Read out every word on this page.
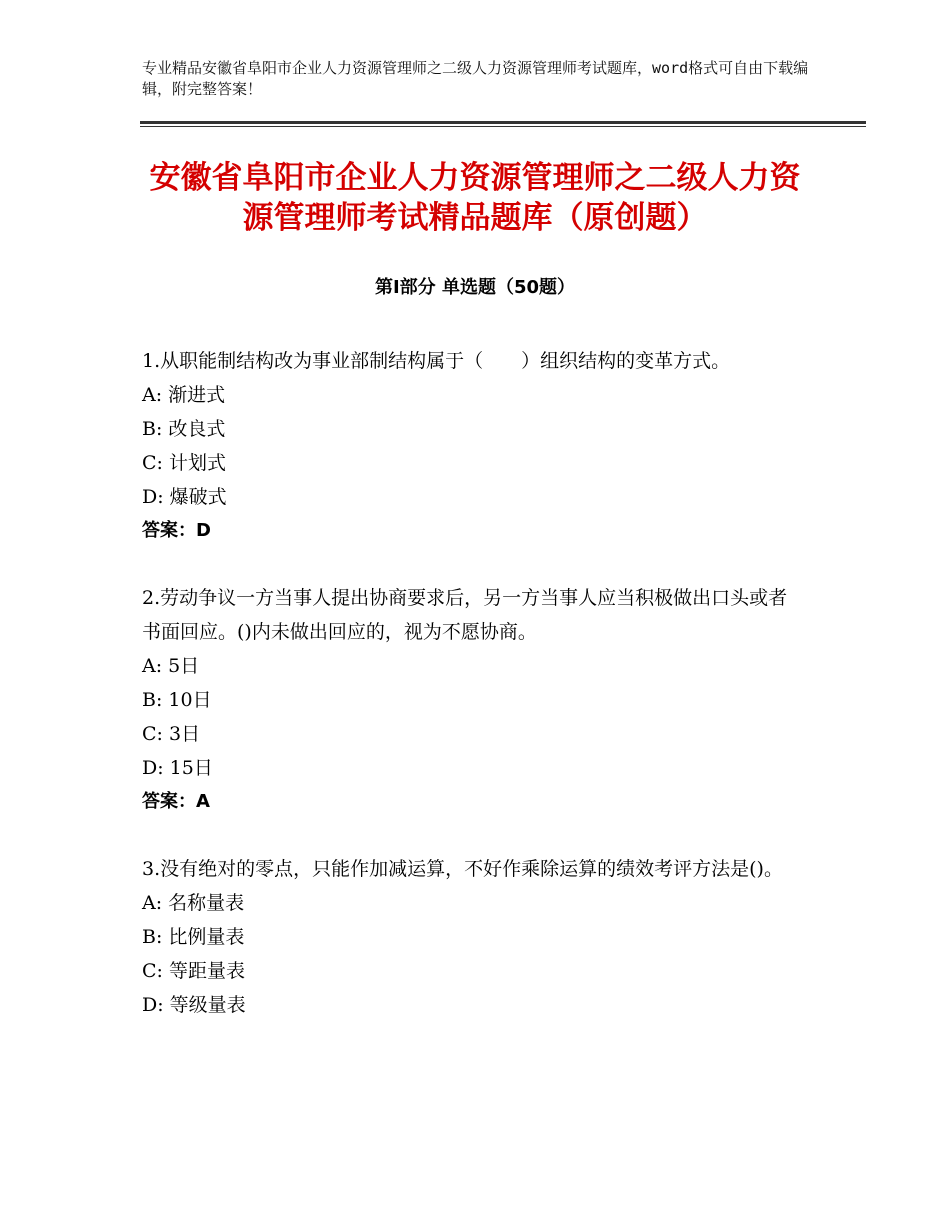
专业精品安徽省阜阳市企业人力资源管理师之二级人力资源管理师考试题库，word格式可自由下载编辑，附完整答案！
安徽省阜阳市企业人力资源管理师之二级人力资源管理师考试精品题库（原创题）
第Ⅰ部分 单选题（50题）

1.从职能制结构改为事业部制结构属于（　　）组织结构的变革方式。

A: 渐进式

B: 改良式

C: 计划式

D: 爆破式

答案：D

2.劳动争议一方当事人提出协商要求后，另一方当事人应当积极做出口头或者书面回应。()内未做出回应的，视为不愿协商。

A: 5日

B: 10日

C: 3日

D: 15日

答案：A

3.没有绝对的零点，只能作加减运算，不好作乘除运算的绩效考评方法是()。

A: 名称量表

B: 比例量表

C: 等距量表

D: 等级量表
